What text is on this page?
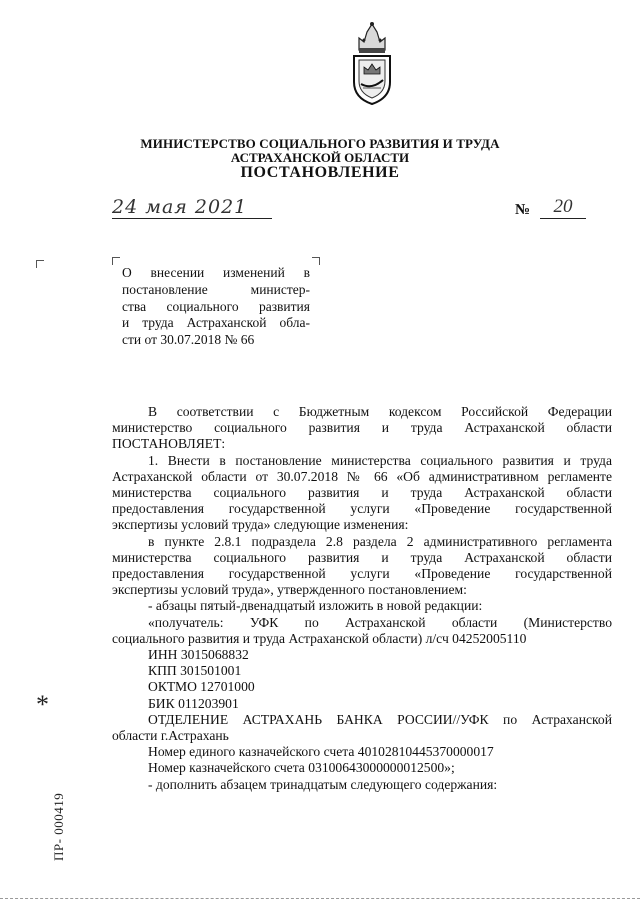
МИНИСТЕРСТВО СОЦИАЛЬНОГО РАЗВИТИЯ И ТРУДА
АСТРАХАНСКОЙ ОБЛАСТИ
ПОСТАНОВЛЕНИЕ
24 мая 2021	№	20
О внесении изменений в
постановление министер-
ства социального развития
и труда Астраханской обла-
сти от 30.07.2018 № 66

В соответствии с Бюджетным кодексом Российской Федерации

министерство социального развития и труда Астраханской области

ПОСТАНОВЛЯЕТ:

1. Внести в постановление министерства социального развития и труда

Астраханской области от 30.07.2018 № 66 «Об административном регламенте

министерства социального развития и труда Астраханской области

предоставления государственной услуги «Проведение государственной

экспертизы условий труда» следующие изменения:

в пункте 2.8.1 подраздела 2.8 раздела 2 административного регламента

министерства социального развития и труда Астраханской области

предоставления государственной услуги «Проведение государственной

экспертизы условий труда», утвержденного постановлением:

- абзацы пятый-двенадцатый изложить в новой редакции:

«получатель: УФК по Астраханской области (Министерство

социального развития и труда Астраханской области) л/сч 04252005110

ИНН 3015068832

КПП 301501001

ОКТМО 12701000

БИК 011203901

ОТДЕЛЕНИЕ АСТРАХАНЬ БАНКА РОССИИ//УФК по Астраханской

области г.Астрахань

Номер единого казначейского счета 40102810445370000017

Номер казначейского счета 03100643000000012500»;

- дополнить абзацем тринадцатым следующего содержания:

*
ПР- 000419
